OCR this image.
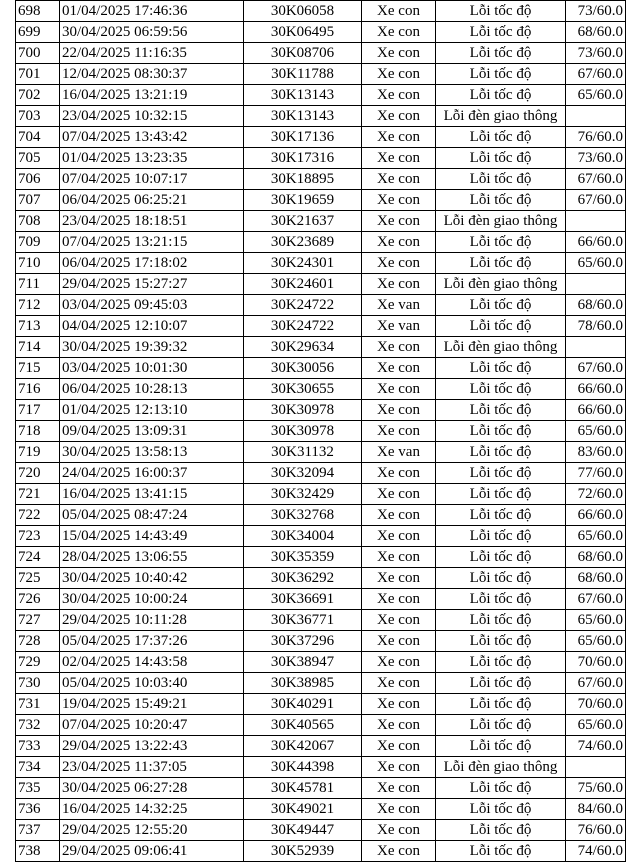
698	01/04/2025 17:46:36	30K06058	Xe con	Lỗi tốc độ	73/60.0
699	30/04/2025 06:59:56	30K06495	Xe con	Lỗi tốc độ	68/60.0
700	22/04/2025 11:16:35	30K08706	Xe con	Lỗi tốc độ	73/60.0
701	12/04/2025 08:30:37	30K11788	Xe con	Lỗi tốc độ	67/60.0
702	16/04/2025 13:21:19	30K13143	Xe con	Lỗi tốc độ	65/60.0
703	23/04/2025 10:32:15	30K13143	Xe con	Lỗi đèn giao thông	
704	07/04/2025 13:43:42	30K17136	Xe con	Lỗi tốc độ	76/60.0
705	01/04/2025 13:23:35	30K17316	Xe con	Lỗi tốc độ	73/60.0
706	07/04/2025 10:07:17	30K18895	Xe con	Lỗi tốc độ	67/60.0
707	06/04/2025 06:25:21	30K19659	Xe con	Lỗi tốc độ	67/60.0
708	23/04/2025 18:18:51	30K21637	Xe con	Lỗi đèn giao thông	
709	07/04/2025 13:21:15	30K23689	Xe con	Lỗi tốc độ	66/60.0
710	06/04/2025 17:18:02	30K24301	Xe con	Lỗi tốc độ	65/60.0
711	29/04/2025 15:27:27	30K24601	Xe con	Lỗi đèn giao thông	
712	03/04/2025 09:45:03	30K24722	Xe van	Lỗi tốc độ	68/60.0
713	04/04/2025 12:10:07	30K24722	Xe van	Lỗi tốc độ	78/60.0
714	30/04/2025 19:39:32	30K29634	Xe con	Lỗi đèn giao thông	
715	03/04/2025 10:01:30	30K30056	Xe con	Lỗi tốc độ	67/60.0
716	06/04/2025 10:28:13	30K30655	Xe con	Lỗi tốc độ	66/60.0
717	01/04/2025 12:13:10	30K30978	Xe con	Lỗi tốc độ	66/60.0
718	09/04/2025 13:09:31	30K30978	Xe con	Lỗi tốc độ	65/60.0
719	30/04/2025 13:58:13	30K31132	Xe van	Lỗi tốc độ	83/60.0
720	24/04/2025 16:00:37	30K32094	Xe con	Lỗi tốc độ	77/60.0
721	16/04/2025 13:41:15	30K32429	Xe con	Lỗi tốc độ	72/60.0
722	05/04/2025 08:47:24	30K32768	Xe con	Lỗi tốc độ	66/60.0
723	15/04/2025 14:43:49	30K34004	Xe con	Lỗi tốc độ	65/60.0
724	28/04/2025 13:06:55	30K35359	Xe con	Lỗi tốc độ	68/60.0
725	30/04/2025 10:40:42	30K36292	Xe con	Lỗi tốc độ	68/60.0
726	30/04/2025 10:00:24	30K36691	Xe con	Lỗi tốc độ	67/60.0
727	29/04/2025 10:11:28	30K36771	Xe con	Lỗi tốc độ	65/60.0
728	05/04/2025 17:37:26	30K37296	Xe con	Lỗi tốc độ	65/60.0
729	02/04/2025 14:43:58	30K38947	Xe con	Lỗi tốc độ	70/60.0
730	05/04/2025 10:03:40	30K38985	Xe con	Lỗi tốc độ	67/60.0
731	19/04/2025 15:49:21	30K40291	Xe con	Lỗi tốc độ	70/60.0
732	07/04/2025 10:20:47	30K40565	Xe con	Lỗi tốc độ	65/60.0
733	29/04/2025 13:22:43	30K42067	Xe con	Lỗi tốc độ	74/60.0
734	23/04/2025 11:37:05	30K44398	Xe con	Lỗi đèn giao thông	
735	30/04/2025 06:27:28	30K45781	Xe con	Lỗi tốc độ	75/60.0
736	16/04/2025 14:32:25	30K49021	Xe con	Lỗi tốc độ	84/60.0
737	29/04/2025 12:55:20	30K49447	Xe con	Lỗi tốc độ	76/60.0
738	29/04/2025 09:06:41	30K52939	Xe con	Lỗi tốc độ	74/60.0
